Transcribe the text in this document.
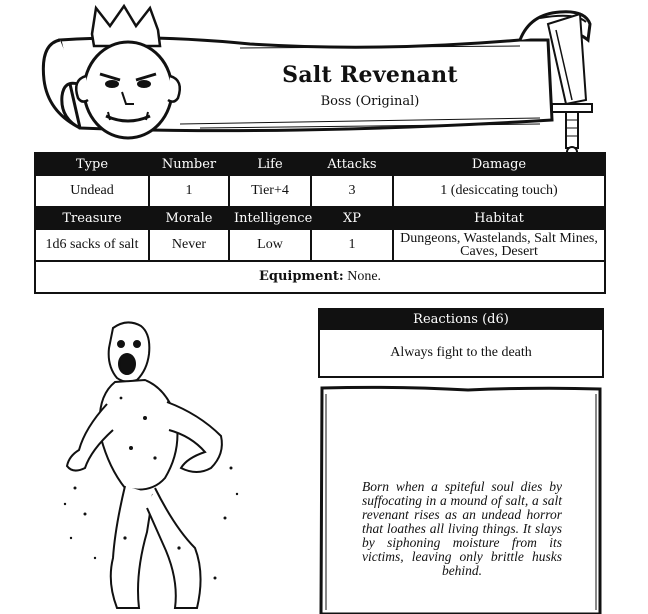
Salt Revenant
Boss (Original)
Type	Number	Life	Attacks	Damage
Undead	1	Tier+4	3	1 (desiccating touch)
Treasure	Morale	Intelligence	XP	Habitat
1d6 sacks of salt	Never	Low	1	Dungeons, Wastelands, Salt Mines, Caves, Desert
Equipment: None.				
Reactions (d6)
Always fight to the death
Born when a spiteful soul dies by suffocating in a mound of salt, a salt revenant rises as an undead horror that loathes all living things. It slays by siphoning moisture from its victims, leaving only brittle husks behind.
